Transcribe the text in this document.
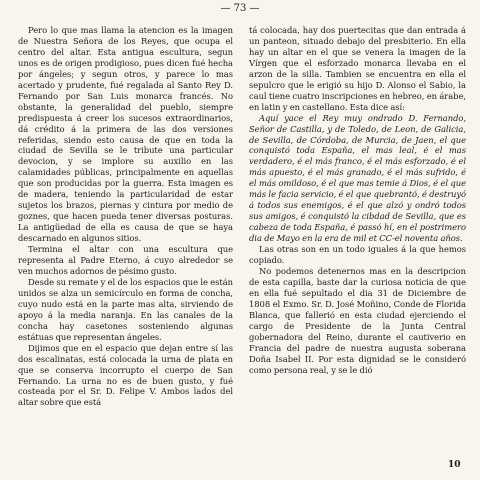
— 73 —

Pero lo que mas llama la atencion es la imagen de Nuestra Señora de los Reyes, que ocupa el centro del altar. Esta antigua escultura, segun unos es de origen prodigioso, pues dicen fué hecha por ángeles; y segun otros, y parece lo mas acertado y prudente, fué regalada al Santo Rey D. Fernando por San Luis monarca francés. No obstante, la generalidad del pueblo, siempre predispuesta á creer los sucesos extraordinarios, dá crédito á la primera de las dos versiones referidas, siendo esto causa de que en toda la ciudad de Sevilla se le tribute una particular devocion, y se implore su auxilio en las calamidades públicas, principalmente en aquellas que son producidas por la guerra. Esta imagen es de madera, teniendo la particularidad de estar sujetos los brazos, piernas y cintura por medio de goznes, que hacen pueda tener diversas posturas. La antigüedad de ella es causa de que se haya descarnado en algunos sitios.

Termina el altar con una escultura que representa al Padre Eterno, á cuyo alrededor se ven muchos adornos de pésimo gusto.

Desde su remate y el de los espacios que le están unidos se alza un semicírculo en forma de concha, cuyo nudo está en la parte mas alta, sirviendo de apoyo á la media naranja. En las canales de la concha hay casetones sosteniendo algunas estátuas que representan ángeles.

Dijimos que en el espacio que dejan entre sí las dos escalinatas, está colocada la urna de plata en que se conserva incorrupto el cuerpo de San Fernando. La urna no es de buen gusto, y fué costeada por el Sr. D. Felipe V. Ambos lados del altar sobre que está

tá colocada, hay dos puertecitas que dan entrada á un panteon, situado debajo del presbiterio. En ella hay un altar en el que se venera la imagen de la Vírgen que el esforzado monarca llevaba en el arzon de la silla. Tambien se encuentra en ella el sepulcro que le erigió su hijo D. Alonso el Sabio, la caul tiene cuatro inscripciones en hebreo, en árabe, en latin y en castellano. Esta dice así:

Aquí yace el Rey muy ondrado D. Fernando, Señor de Castilla, y de Toledo, de Leon, de Galicia, de Sevilla, de Córdoba, de Murcia, de Jaen, el que conquistó toda España, el mas leal, é el mas verdadero, é el más franco, é el más esforzado, é el más apuesto, é el más granado, é el más sufrido, é el más omildoso, é el que mas temie á Dios, é el que más le facia servicio, é el que quebrantó, é destruyó á todos sus enemigos, é el que alzó y ondró todos sus amigos, é conquistó la cibdad de Sevilla, que es cabeza de toda España, é passó hí, en el postrimero dia de Mayo en la era de mil et CC-el noventa años.

Las otras son en un todo iguales á la que hemos copiado.

No podemos detenernos mas en la descripcion de esta capilla, baste dar la curiosa noticia de que en ella fué sepultado el dia 31 de Diciembre de 1808 el Exmo. Sr. D. José Moñino, Conde de Florida Blanca, que fallerió en esta ciudad ejerciendo el cargo de Presidente de la Junta Central gobernadora del Reino, durante el cautiverio en Francia del padre de nuestra augusta soberana Doña Isabel II. Por esta dignidad se le consideró como persona real, y se le dió

10
